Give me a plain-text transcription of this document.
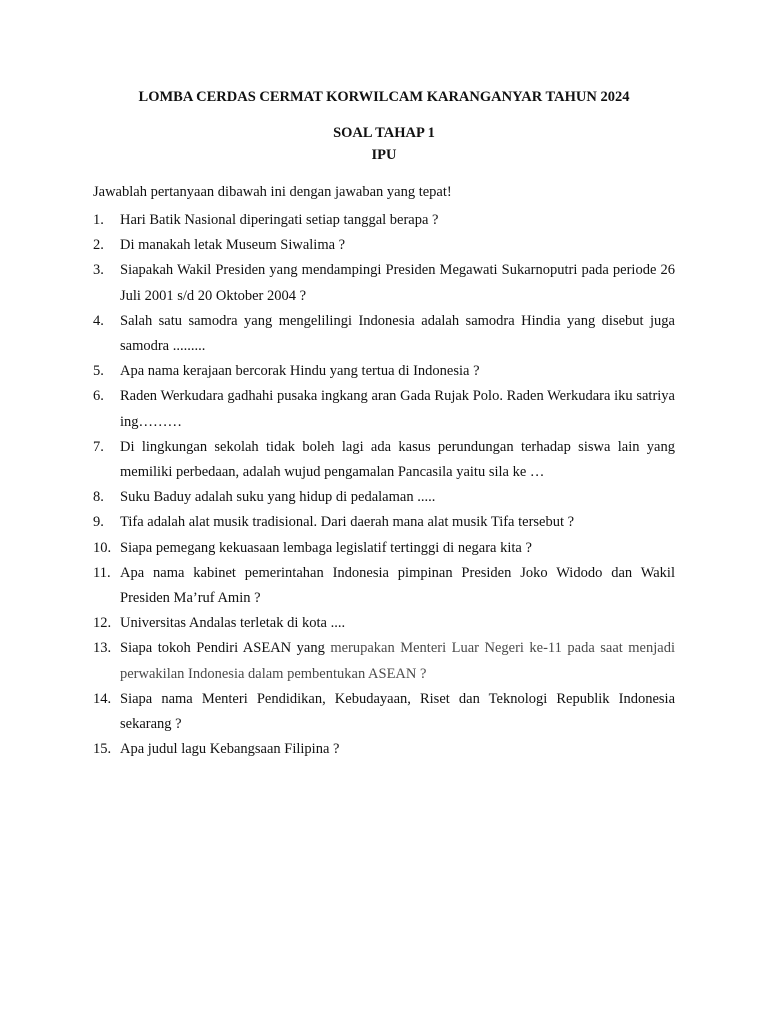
LOMBA CERDAS CERMAT KORWILCAM KARANGANYAR TAHUN 2024
SOAL TAHAP 1
IPU
Jawablah pertanyaan dibawah ini dengan jawaban yang tepat!
1. Hari Batik Nasional diperingati setiap tanggal berapa ?
2. Di manakah letak Museum Siwalima ?
3. Siapakah Wakil Presiden yang mendampingi Presiden Megawati Sukarnoputri pada periode 26 Juli 2001 s/d 20 Oktober 2004 ?
4. Salah satu samodra yang mengelilingi Indonesia adalah samodra Hindia yang disebut juga samodra .........
5. Apa nama kerajaan bercorak Hindu yang tertua di Indonesia ?
6. Raden Werkudara gadhahi pusaka ingkang aran Gada Rujak Polo. Raden Werkudara iku satriya ing………
7. Di lingkungan sekolah tidak boleh lagi ada kasus perundungan terhadap siswa lain yang memiliki perbedaan, adalah wujud pengamalan Pancasila yaitu sila ke …
8. Suku Baduy adalah suku yang hidup di pedalaman .....
9. Tifa adalah alat musik tradisional. Dari daerah mana alat musik Tifa tersebut ?
10. Siapa pemegang kekuasaan lembaga legislatif tertinggi di negara kita ?
11. Apa nama kabinet pemerintahan Indonesia pimpinan Presiden Joko Widodo dan Wakil Presiden Ma’ruf Amin ?
12. Universitas Andalas terletak di kota ....
13. Siapa tokoh Pendiri ASEAN yang merupakan Menteri Luar Negeri ke-11 pada saat menjadi perwakilan Indonesia dalam pembentukan ASEAN ?
14. Siapa nama Menteri Pendidikan, Kebudayaan, Riset dan Teknologi Republik Indonesia sekarang ?
15. Apa judul lagu Kebangsaan Filipina ?
